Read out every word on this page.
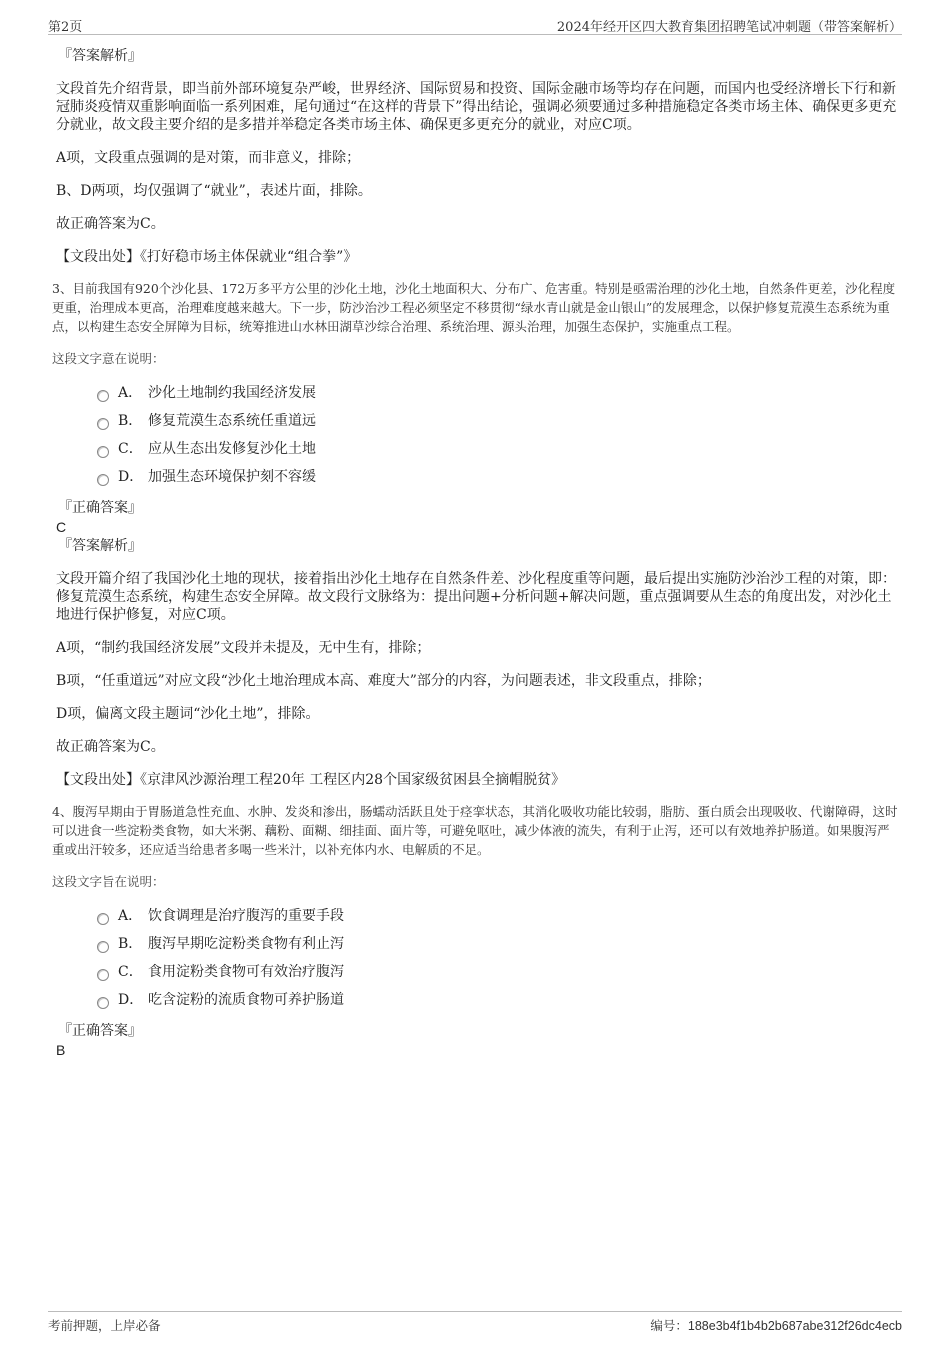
第2页	2024年经开区四大教育集团招聘笔试冲刺题（带答案解析）

『答案解析』

文段首先介绍背景，即当前外部环境复杂严峻，世界经济、国际贸易和投资、国际金融市场等均存在问题，而国内也受经济增长下行和新冠肺炎疫情双重影响面临一系列困难，尾句通过“在这样的背景下”得出结论，强调必须要通过多种措施稳定各类市场主体、确保更多更充分就业，故文段主要介绍的是多措并举稳定各类市场主体、确保更多更充分的就业，对应C项。

A项，文段重点强调的是对策，而非意义，排除；

B、D两项，均仅强调了“就业”，表述片面，排除。

故正确答案为C。

【文段出处】《打好稳市场主体保就业“组合拳”》

3、目前我国有920个沙化县、172万多平方公里的沙化土地，沙化土地面积大、分布广、危害重。特别是亟需治理的沙化土地，自然条件更差，沙化程度更重，治理成本更高，治理难度越来越大。下一步，防沙治沙工程必须坚定不移贯彻“绿水青山就是金山银山”的发展理念，以保护修复荒漠生态系统为重点，以构建生态安全屏障为目标，统筹推进山水林田湖草沙综合治理、系统治理、源头治理，加强生态保护，实施重点工程。

这段文字意在说明：

A． 沙化土地制约我国经济发展
B． 修复荒漠生态系统任重道远
C． 应从生态出发修复沙化土地
D． 加强生态环境保护刻不容缓

『正确答案』

C

『答案解析』

文段开篇介绍了我国沙化土地的现状，接着指出沙化土地存在自然条件差、沙化程度重等问题，最后提出实施防沙治沙工程的对策，即：修复荒漠生态系统，构建生态安全屏障。故文段行文脉络为：提出问题+分析问题+解决问题，重点强调要从生态的角度出发，对沙化土地进行保护修复，对应C项。

A项，“制约我国经济发展”文段并未提及，无中生有，排除；

B项，“任重道远”对应文段“沙化土地治理成本高、难度大”部分的内容，为问题表述，非文段重点，排除；

D项，偏离文段主题词“沙化土地”，排除。

故正确答案为C。

【文段出处】《京津风沙源治理工程20年 工程区内28个国家级贫困县全摘帽脱贫》

4、腹泻早期由于胃肠道急性充血、水肿、发炎和渗出，肠蠕动活跃且处于痉挛状态，其消化吸收功能比较弱，脂肪、蛋白质会出现吸收、代谢障碍，这时可以进食一些淀粉类食物，如大米粥、藕粉、面糊、细挂面、面片等，可避免呕吐，减少体液的流失，有利于止泻，还可以有效地养护肠道。如果腹泻严重或出汗较多，还应适当给患者多喝一些米汁，以补充体内水、电解质的不足。

这段文字旨在说明：

A． 饮食调理是治疗腹泻的重要手段
B． 腹泻早期吃淀粉类食物有利止泻
C． 食用淀粉类食物可有效治疗腹泻
D． 吃含淀粉的流质食物可养护肠道

『正确答案』

B

考前押题，上岸必备	编号：188e3b4f1b4b2b687abe312f26dc4ecb
